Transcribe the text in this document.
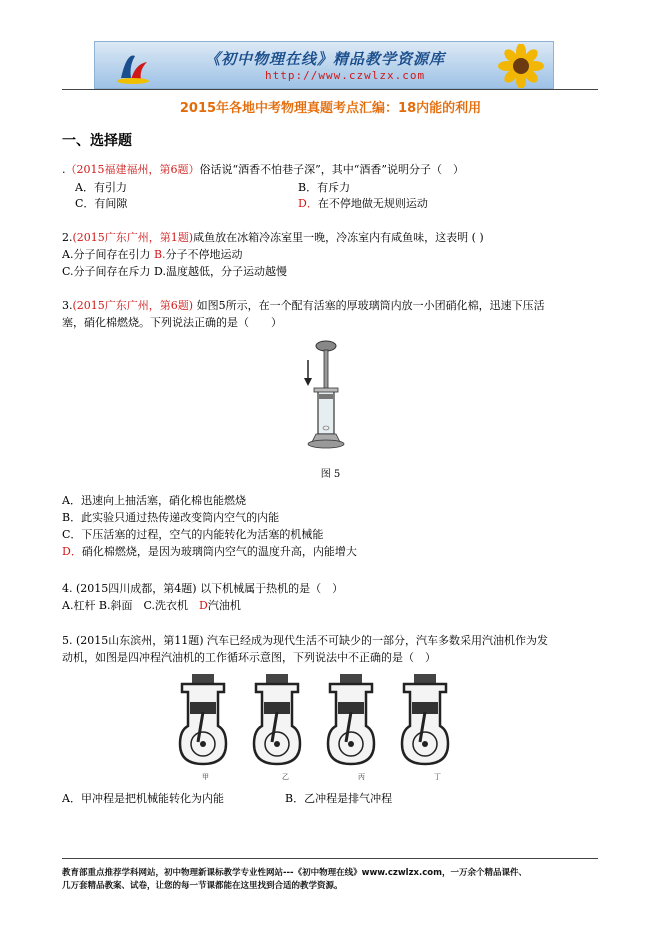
《初中物理在线》精品教学资源库
http://www.czwlzx.com
2015年各地中考物理真题考点汇编：18内能的利用
一、选择题
.（2015福建福州，第6题）俗话说“酒香不怕巷子深”，其中“酒香”说明分子（　）
A．有引力	B．有斥力
C．有间隙	D．在不停地做无规则运动
2.(2015广东广州，第1题)咸鱼放在冰箱冷冻室里一晚，冷冻室内有咸鱼味，这表明 ( )
A.分子间存在引力 B.分子不停地运动
C.分子间存在斥力 D.温度越低，分子运动越慢
3.(2015广东广州，第6题) 如图5所示，在一个配有活塞的厚玻璃筒内放一小团硝化棉，迅速下压活
塞，硝化棉燃烧。下列说法正确的是（　　）
图 5
A．迅速向上抽活塞，硝化棉也能燃烧
B．此实验只通过热传递改变筒内空气的内能
C．下压活塞的过程，空气的内能转化为活塞的机械能
D．硝化棉燃烧，是因为玻璃筒内空气的温度升高，内能增大
4. (2015四川成都，第4题) 以下机械属于热机的是（　）
A.杠杆 B.斜面　C.洗衣机　D汽油机
5. (2015山东滨州，第11题) 汽车已经成为现代生活不可缺少的一部分，汽车多数采用汽油机作为发
动机，如图是四冲程汽油机的工作循环示意图，下列说法中不正确的是（　）
甲	乙	丙	丁
A．甲冲程是把机械能转化为内能	B．乙冲程是排气冲程
教育部重点推荐学科网站，初中物理新课标教学专业性网站---《初中物理在线》www.czwlzx.com，一万余个精品课件、
几万套精品教案、试卷，让您的每一节课都能在这里找到合适的教学资源。
